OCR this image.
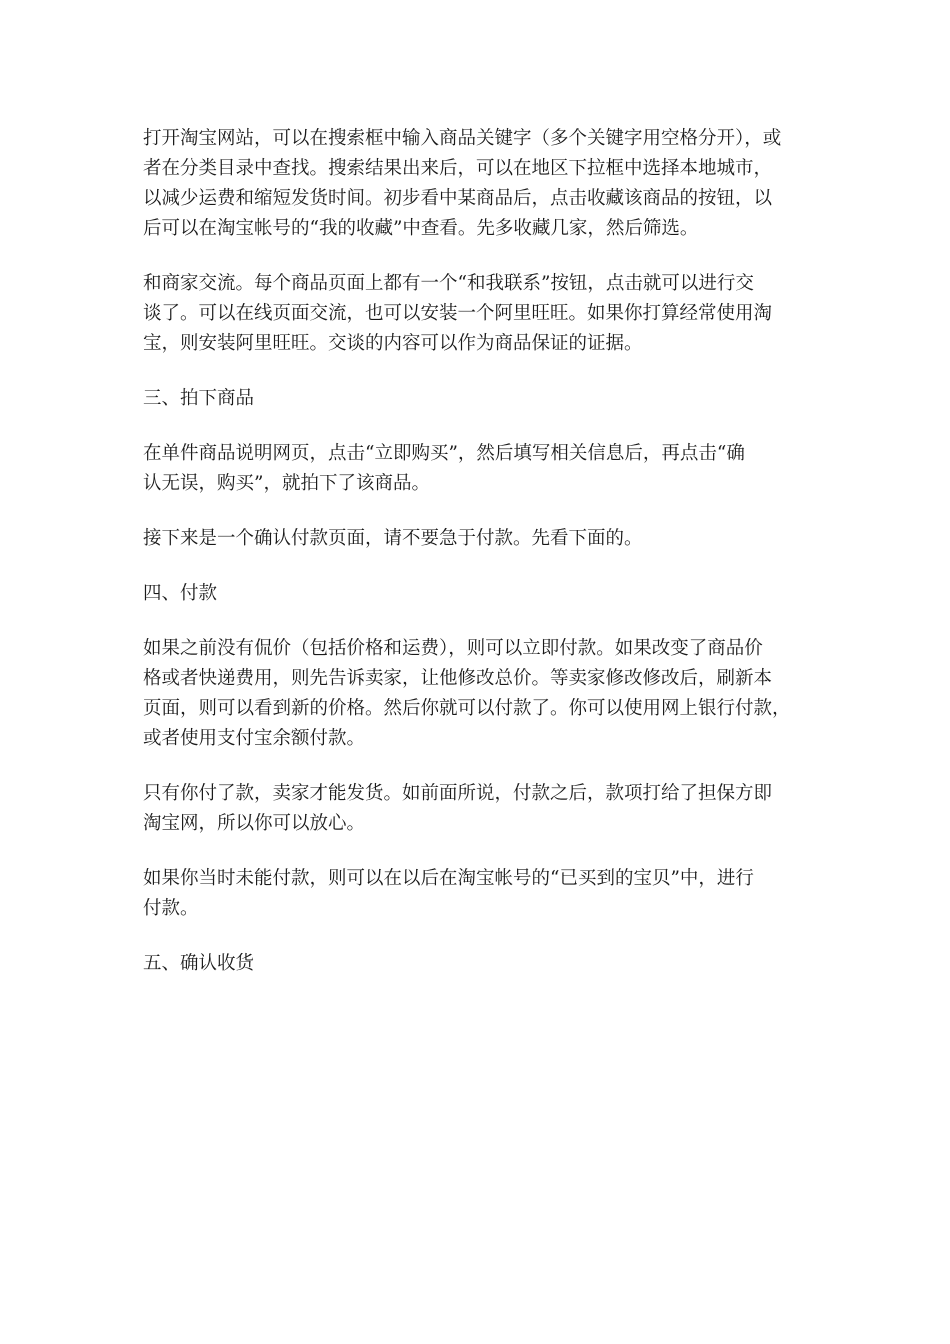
打开淘宝网站，可以在搜索框中输入商品关键字（多个关键字用空格分开），或
者在分类目录中查找。搜索结果出来后，可以在地区下拉框中选择本地城市，
以减少运费和缩短发货时间。初步看中某商品后，点击收藏该商品的按钮，以
后可以在淘宝帐号的“我的收藏”中查看。先多收藏几家，然后筛选。
和商家交流。每个商品页面上都有一个“和我联系”按钮，点击就可以进行交
谈了。可以在线页面交流，也可以安装一个阿里旺旺。如果你打算经常使用淘
宝，则安装阿里旺旺。交谈的内容可以作为商品保证的证据。
三、拍下商品
在单件商品说明网页，点击“立即购买”，然后填写相关信息后，再点击“确
认无误，购买”，就拍下了该商品。
接下来是一个确认付款页面，请不要急于付款。先看下面的。
四、付款
如果之前没有侃价（包括价格和运费），则可以立即付款。如果改变了商品价
格或者快递费用，则先告诉卖家，让他修改总价。等卖家修改修改后，刷新本
页面，则可以看到新的价格。然后你就可以付款了。你可以使用网上银行付款，
或者使用支付宝余额付款。
只有你付了款，卖家才能发货。如前面所说，付款之后，款项打给了担保方即
淘宝网，所以你可以放心。
如果你当时未能付款，则可以在以后在淘宝帐号的“已买到的宝贝”中，进行
付款。
五、确认收货
